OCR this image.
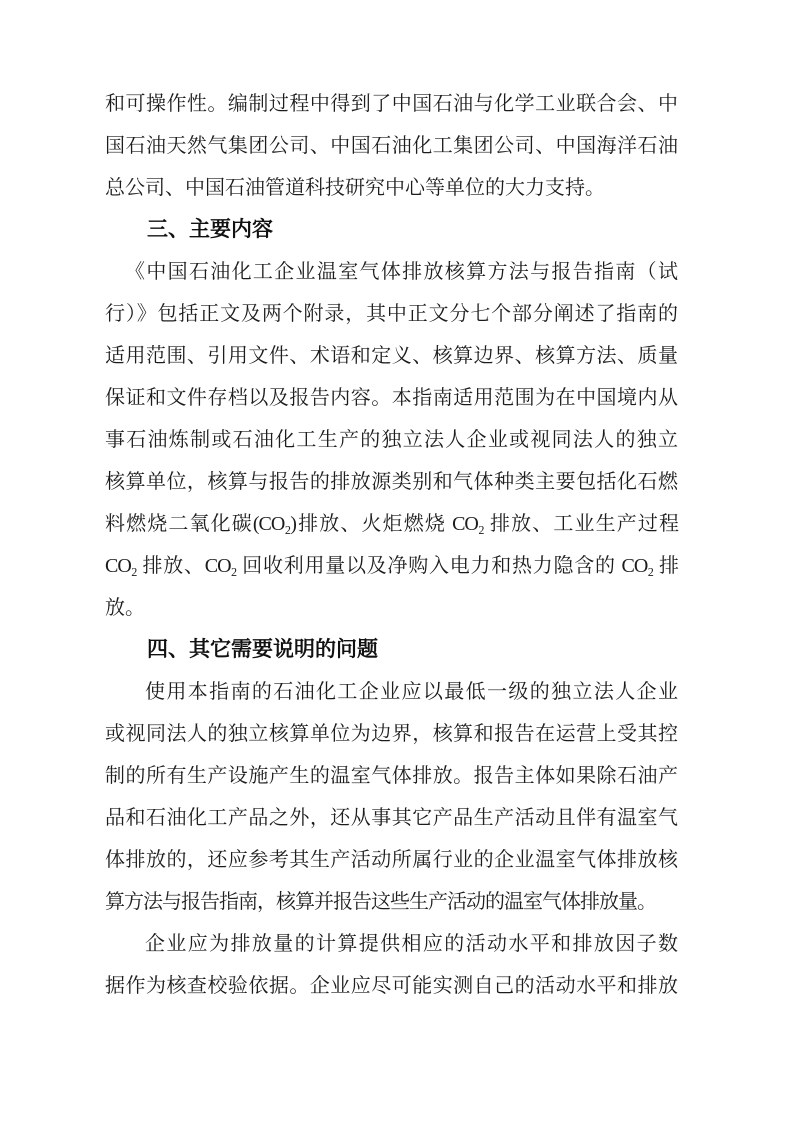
和可操作性。编制过程中得到了中国石油与化学工业联合会、中
国石油天然气集团公司、中国石油化工集团公司、中国海洋石油
总公司、中国石油管道科技研究中心等单位的大力支持。
三、主要内容
《中国石油化工企业温室气体排放核算方法与报告指南（试
行）》包括正文及两个附录，其中正文分七个部分阐述了指南的
适用范围、引用文件、术语和定义、核算边界、核算方法、质量
保证和文件存档以及报告内容。本指南适用范围为在中国境内从
事石油炼制或石油化工生产的独立法人企业或视同法人的独立
核算单位，核算与报告的排放源类别和气体种类主要包括化石燃
料燃烧二氧化碳(CO₂)排放、火炬燃烧 CO₂ 排放、工业生产过程
CO₂ 排放、CO₂ 回收利用量以及净购入电力和热力隐含的 CO₂ 排
放。
四、其它需要说明的问题
使用本指南的石油化工企业应以最低一级的独立法人企业
或视同法人的独立核算单位为边界，核算和报告在运营上受其控
制的所有生产设施产生的温室气体排放。报告主体如果除石油产
品和石油化工产品之外，还从事其它产品生产活动且伴有温室气
体排放的，还应参考其生产活动所属行业的企业温室气体排放核
算方法与报告指南，核算并报告这些生产活动的温室气体排放量。
企业应为排放量的计算提供相应的活动水平和排放因子数
据作为核查校验依据。企业应尽可能实测自己的活动水平和排放
